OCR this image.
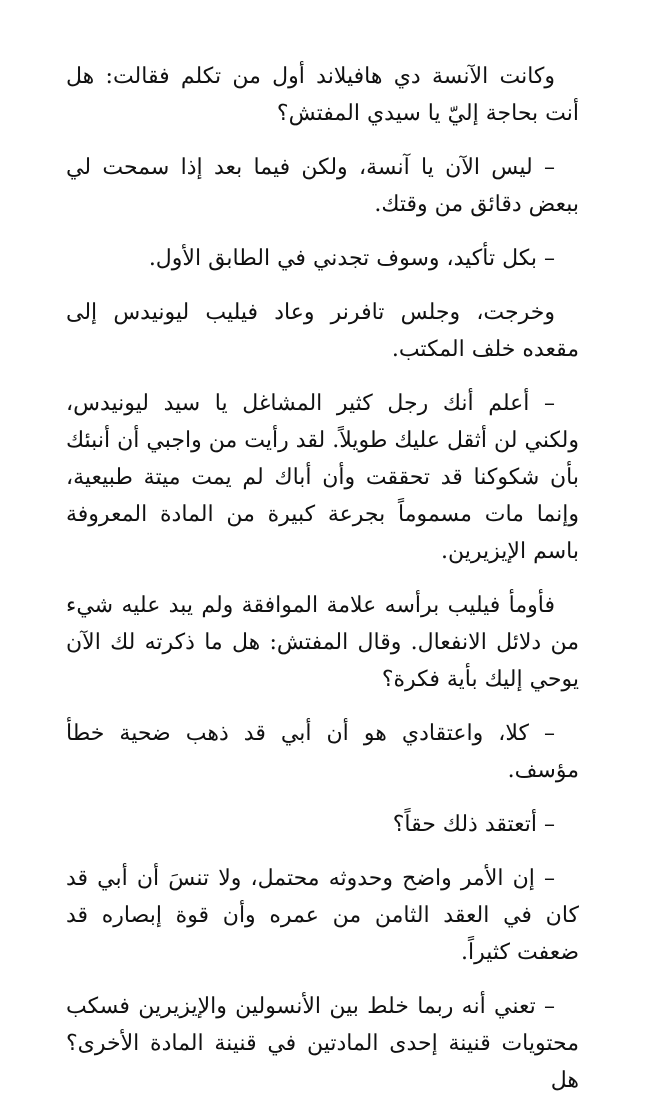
وكانت الآنسة دي هافيلاند أول من تكلم فقالت: هل أنت بحاجة إليّ يا سيدي المفتش؟

– ليس الآن يا آنسة، ولكن فيما بعد إذا سمحت لي ببعض دقائق من وقتك.

– بكل تأكيد، وسوف تجدني في الطابق الأول.

وخرجت، وجلس تافرنر وعاد فيليب ليونيدس إلى مقعده خلف المكتب.

– أعلم أنك رجل كثير المشاغل يا سيد ليونيدس، ولكني لن أثقل عليك طويلاً. لقد رأيت من واجبي أن أنبئك بأن شكوكنا قد تحققت وأن أباك لم يمت ميتة طبيعية، وإنما مات مسموماً بجرعة كبيرة من المادة المعروفة باسم الإيزيرين.

فأومأ فيليب برأسه علامة الموافقة ولم يبد عليه شيء من دلائل الانفعال. وقال المفتش: هل ما ذكرته لك الآن يوحي إليك بأية فكرة؟

– كلا، واعتقادي هو أن أبي قد ذهب ضحية خطأ مؤسف.

– أتعتقد ذلك حقاً؟

– إن الأمر واضح وحدوثه محتمل، ولا تنسَ أن أبي قد كان في العقد الثامن من عمره وأن قوة إبصاره قد ضعفت كثيراً.

– تعني أنه ربما خلط بين الأنسولين والإيزيرين فسكب محتويات قنينة إحدى المادتين في قنينة المادة الأخرى؟ هل
